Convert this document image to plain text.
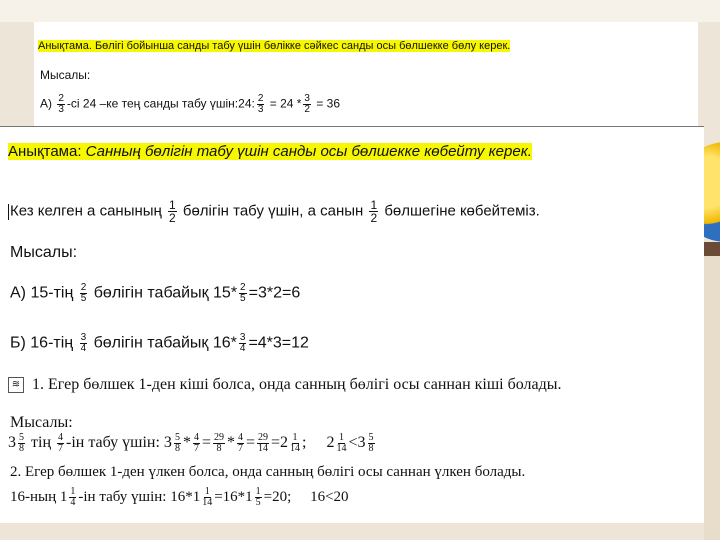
Анықтама. Бөлігі бойынша санды табу үшін бөлікке сәйкес санды осы бөлшекке бөлу керек.
Мысалы:
$А) \frac{2}{3} -сі$ 24 –ке тең санды табу үшін:24: $\frac{2}{3} = 24 * \frac{3}{2} = 36$
Анықтама: Санның бөлігін табу үшін санды осы бөлшекке көбейту керек.
Кез келген а санының $\frac{1}{2}$ бөлігін табу үшін, а санын $\frac{1}{2}$ бөлшегіне көбейтеміз.
Мысалы:
А) $15-тің \frac{2}{5}$ бөлігін табайық $15* \frac{2}{5} =3*2=6$
Б) $16-тің \frac{3}{4}$ бөлігін табайық $16* \frac{3}{4} =4*3=12$
≋ 1. Егер бөлшек 1-ден кіші болса, онда санның бөлігі осы саннан кіші болады.
Мысалы:
$3 \frac{5}{8}$ тің $\frac{4}{7} -ін$ табу үшін: $3 \frac{5}{8} * \frac{4}{7} = \frac{29}{8} * \frac{4}{7} = \frac{29}{14} =2 \frac{1}{14}$ ;     $2 \frac{1}{14} <3 \frac{5}{8}$
2. Егер бөлшек 1-ден үлкен болса, онда санның бөлігі осы саннан үлкен болады.
16-ның $1 \frac{1}{4} -ін$ табу үшін: $16*1 \frac{1}{14} =16*1 \frac{1}{5} =20$; 16<20
